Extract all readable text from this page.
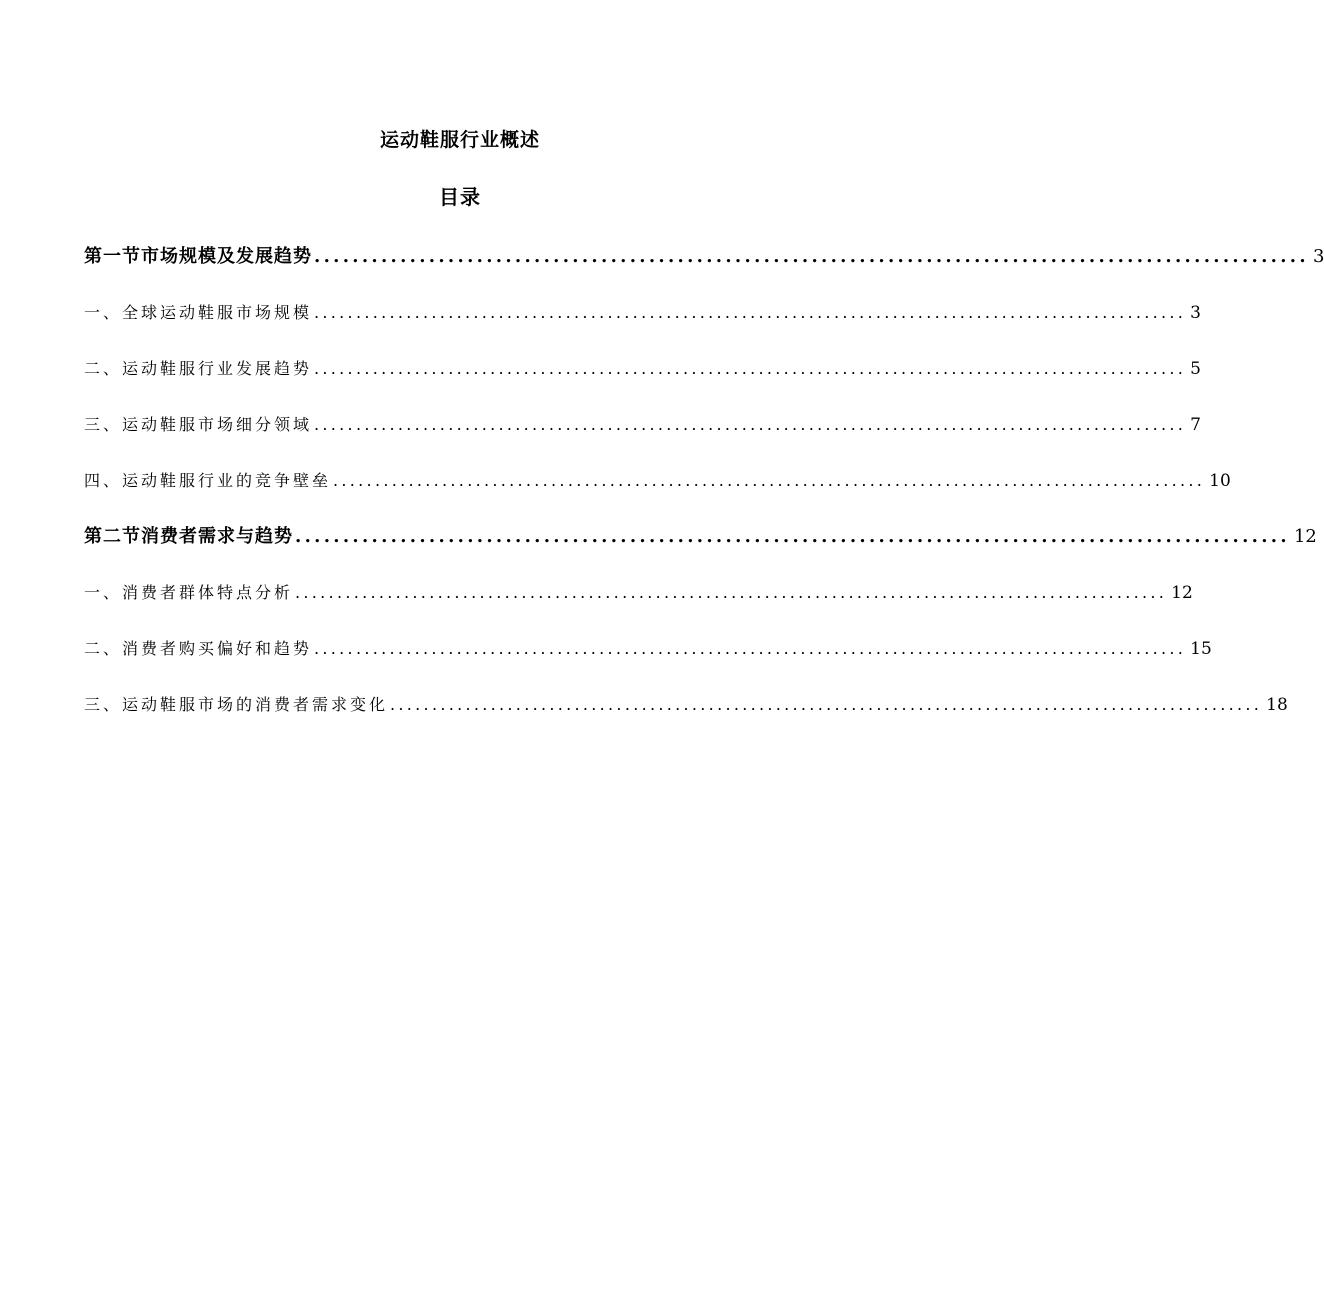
运动鞋服行业概述
目录
第一节市场规模及发展趋势 ........................................................................................................ 3
一、全球运动鞋服市场规模 ........................................................................................................ 3
二、运动鞋服行业发展趋势 ........................................................................................................ 5
三、运动鞋服市场细分领域 ........................................................................................................ 7
四、运动鞋服行业的竞争壁垒 ........................................................................................................ 10
第二节消费者需求与趋势 ........................................................................................................ 12
一、消费者群体特点分析 ........................................................................................................ 12
二、消费者购买偏好和趋势 ........................................................................................................ 15
三、运动鞋服市场的消费者需求变化 ........................................................................................................ 18
